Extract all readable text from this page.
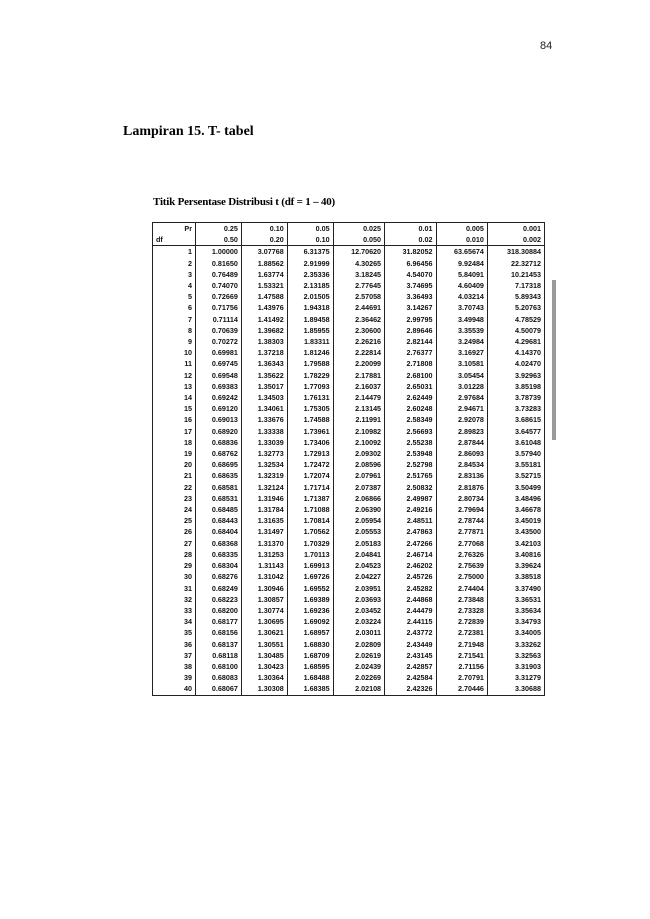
84
Lampiran 15. T- tabel
Titik Persentase Distribusi t (df = 1 – 40)
Pr	0.25	0.10	0.05	0.025	0.01	0.005	0.001
df	0.50	0.20	0.10	0.050	0.02	0.010	0.002
1	1.00000	3.07768	6.31375	12.70620	31.82052	63.65674	318.30884
2	0.81650	1.88562	2.91999	4.30265	6.96456	9.92484	22.32712
3	0.76489	1.63774	2.35336	3.18245	4.54070	5.84091	10.21453
4	0.74070	1.53321	2.13185	2.77645	3.74695	4.60409	7.17318
5	0.72669	1.47588	2.01505	2.57058	3.36493	4.03214	5.89343
6	0.71756	1.43976	1.94318	2.44691	3.14267	3.70743	5.20763
7	0.71114	1.41492	1.89458	2.36462	2.99795	3.49948	4.78529
8	0.70639	1.39682	1.85955	2.30600	2.89646	3.35539	4.50079
9	0.70272	1.38303	1.83311	2.26216	2.82144	3.24984	4.29681
10	0.69981	1.37218	1.81246	2.22814	2.76377	3.16927	4.14370
11	0.69745	1.36343	1.79588	2.20099	2.71808	3.10581	4.02470
12	0.69548	1.35622	1.78229	2.17881	2.68100	3.05454	3.92963
13	0.69383	1.35017	1.77093	2.16037	2.65031	3.01228	3.85198
14	0.69242	1.34503	1.76131	2.14479	2.62449	2.97684	3.78739
15	0.69120	1.34061	1.75305	2.13145	2.60248	2.94671	3.73283
16	0.69013	1.33676	1.74588	2.11991	2.58349	2.92078	3.68615
17	0.68920	1.33338	1.73961	2.10982	2.56693	2.89823	3.64577
18	0.68836	1.33039	1.73406	2.10092	2.55238	2.87844	3.61048
19	0.68762	1.32773	1.72913	2.09302	2.53948	2.86093	3.57940
20	0.68695	1.32534	1.72472	2.08596	2.52798	2.84534	3.55181
21	0.68635	1.32319	1.72074	2.07961	2.51765	2.83136	3.52715
22	0.68581	1.32124	1.71714	2.07387	2.50832	2.81876	3.50499
23	0.68531	1.31946	1.71387	2.06866	2.49987	2.80734	3.48496
24	0.68485	1.31784	1.71088	2.06390	2.49216	2.79694	3.46678
25	0.68443	1.31635	1.70814	2.05954	2.48511	2.78744	3.45019
26	0.68404	1.31497	1.70562	2.05553	2.47863	2.77871	3.43500
27	0.68368	1.31370	1.70329	2.05183	2.47266	2.77068	3.42103
28	0.68335	1.31253	1.70113	2.04841	2.46714	2.76326	3.40816
29	0.68304	1.31143	1.69913	2.04523	2.46202	2.75639	3.39624
30	0.68276	1.31042	1.69726	2.04227	2.45726	2.75000	3.38518
31	0.68249	1.30946	1.69552	2.03951	2.45282	2.74404	3.37490
32	0.68223	1.30857	1.69389	2.03693	2.44868	2.73848	3.36531
33	0.68200	1.30774	1.69236	2.03452	2.44479	2.73328	3.35634
34	0.68177	1.30695	1.69092	2.03224	2.44115	2.72839	3.34793
35	0.68156	1.30621	1.68957	2.03011	2.43772	2.72381	3.34005
36	0.68137	1.30551	1.68830	2.02809	2.43449	2.71948	3.33262
37	0.68118	1.30485	1.68709	2.02619	2.43145	2.71541	3.32563
38	0.68100	1.30423	1.68595	2.02439	2.42857	2.71156	3.31903
39	0.68083	1.30364	1.68488	2.02269	2.42584	2.70791	3.31279
40	0.68067	1.30308	1.68385	2.02108	2.42326	2.70446	3.30688
